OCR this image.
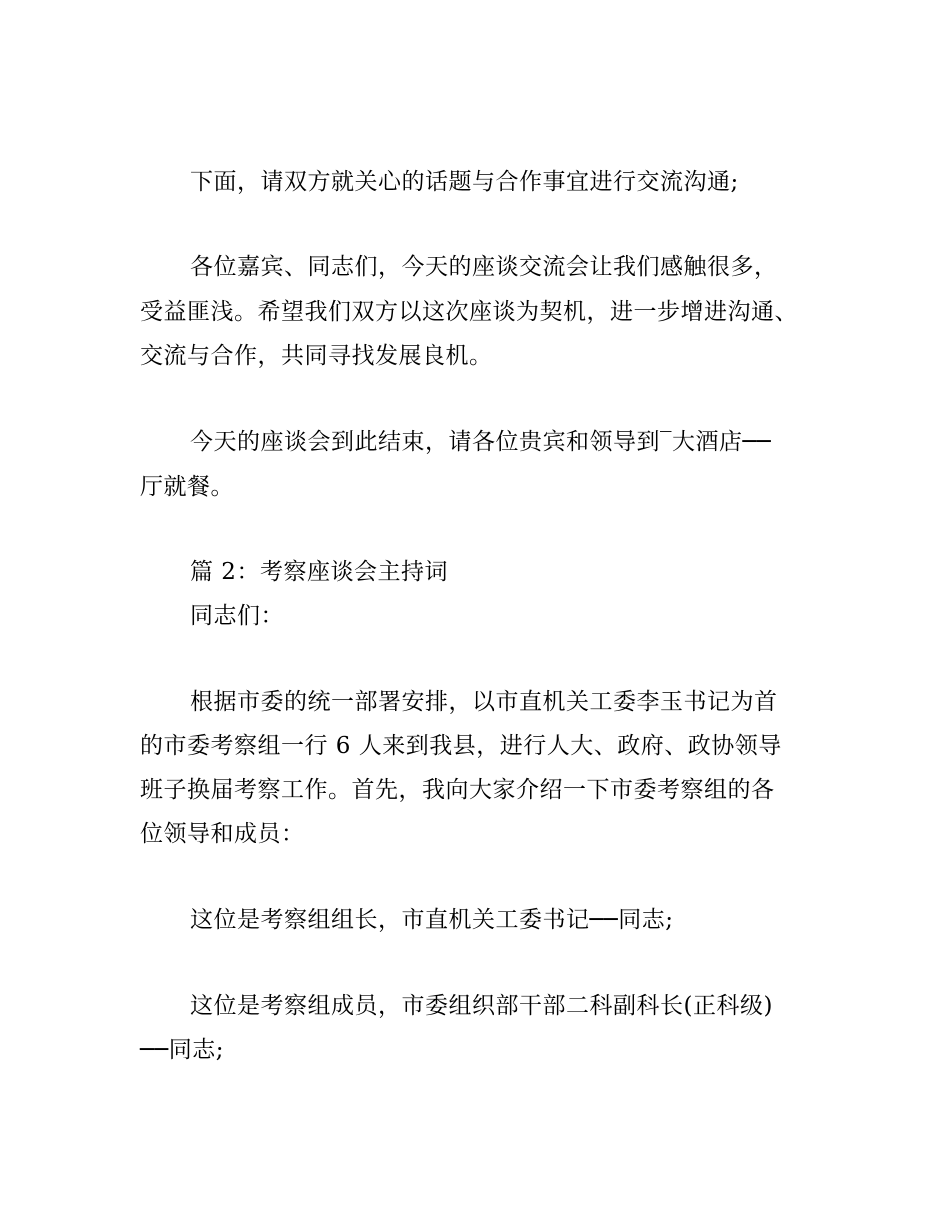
下面，请双方就关心的话题与合作事宜进行交流沟通;
各位嘉宾、同志们，今天的座谈交流会让我们感触很多，
受益匪浅。希望我们双方以这次座谈为契机，进一步增进沟通、
交流与合作，共同寻找发展良机。
今天的座谈会到此结束，请各位贵宾和领导到‾大酒店──
厅就餐。
篇 2：考察座谈会主持词
同志们：
根据市委的统一部署安排，以市直机关工委李玉书记为首
的市委考察组一行 6 人来到我县，进行人大、政府、政协领导
班子换届考察工作。首先，我向大家介绍一下市委考察组的各
位领导和成员：
这位是考察组组长，市直机关工委书记──同志;
这位是考察组成员，市委组织部干部二科副科长(正科级)
──同志;
